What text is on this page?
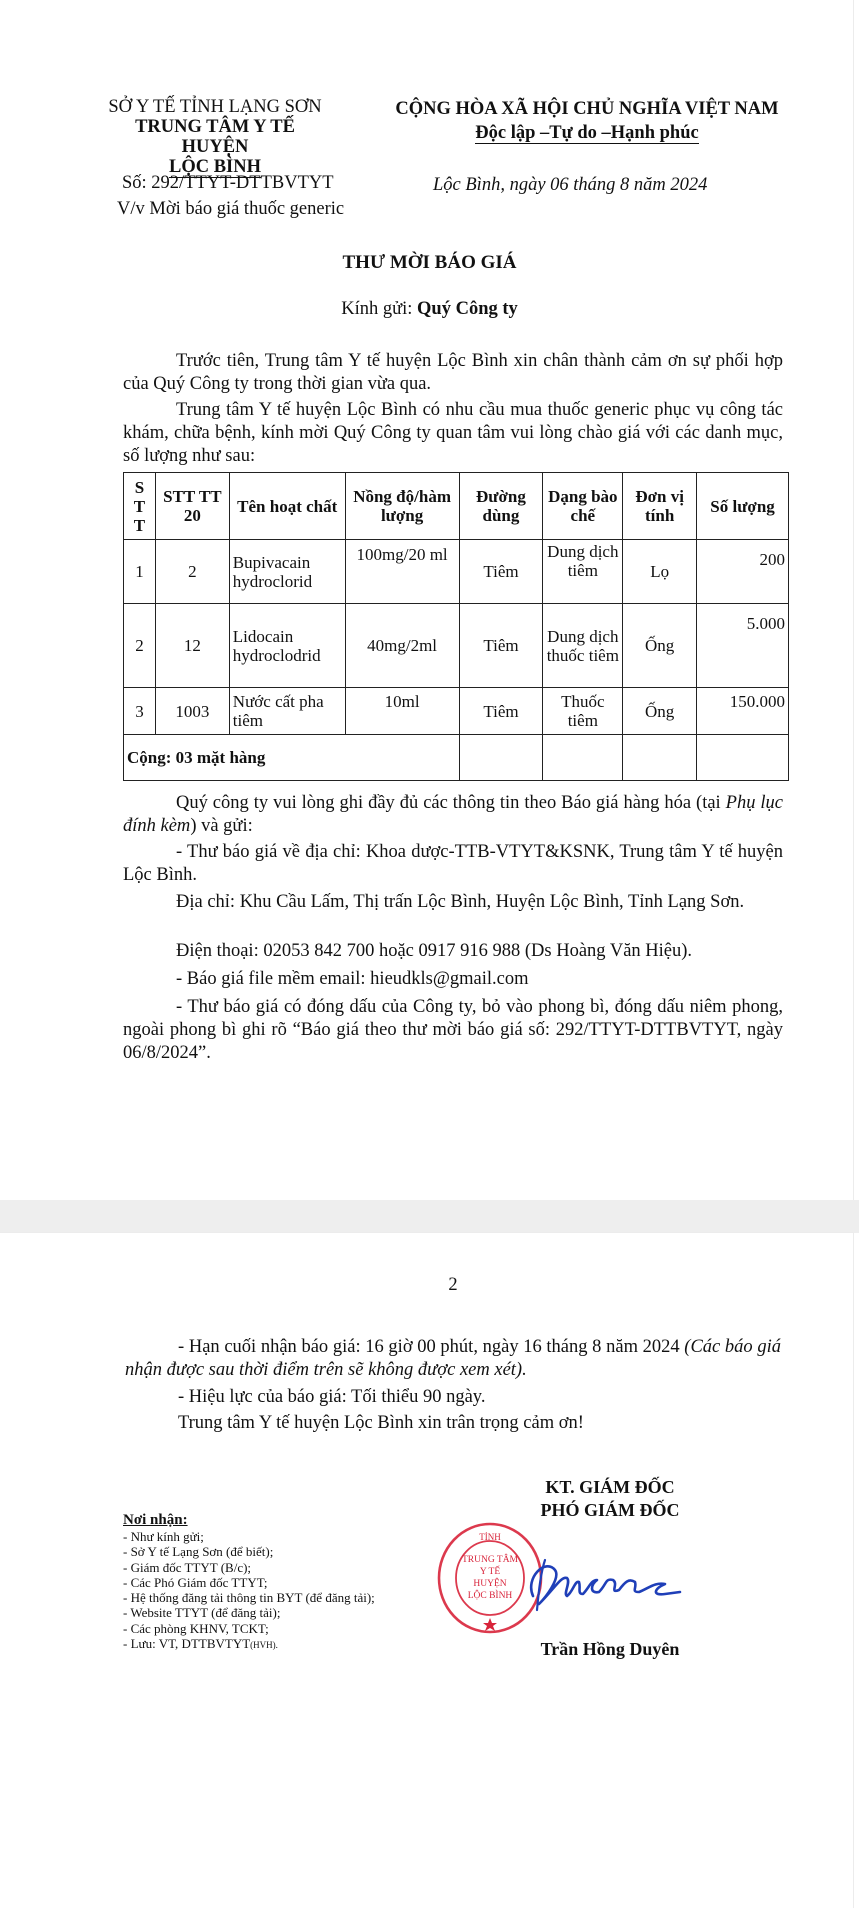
SỞ Y TẾ TỈNH LẠNG SƠN
TRUNG TÂM Y TẾ HUYỆN
LỘC BÌNH
Số: 292/TTYT-DTTBVTYT
V/v Mời báo giá thuốc generic
CỘNG HÒA XÃ HỘI CHỦ NGHĨA VIỆT NAM
Độc lập –Tự do –Hạnh phúc
Lộc Bình, ngày 06 tháng 8 năm 2024
THƯ MỜI BÁO GIÁ
Kính gửi: Quý Công ty
Trước tiên, Trung tâm Y tế huyện Lộc Bình xin chân thành cảm ơn sự phối hợp của Quý Công ty trong thời gian vừa qua.
Trung tâm Y tế huyện Lộc Bình có nhu cầu mua thuốc generic phục vụ công tác khám, chữa bệnh, kính mời Quý Công ty quan tâm vui lòng chào giá với các danh mục, số lượng như sau:
S T T	STT TT 20	Tên hoạt chất	Nồng độ/hàm lượng	Đường dùng	Dạng bào chế	Đơn vị tính	Số lượng
1	2	Bupivacain hydroclorid	100mg/20 ml	Tiêm	Dung dịch tiêm	Lọ	200
2	12	Lidocain hydroclodrid	40mg/2ml	Tiêm	Dung dịch thuốc tiêm	Ống	5.000
3	1003	Nước cất pha tiêm	10ml	Tiêm	Thuốc tiêm	Ống	150.000
Cộng: 03 mặt hàng							
Quý công ty vui lòng ghi đầy đủ các thông tin theo Báo giá hàng hóa (tại Phụ lục đính kèm) và gửi:
- Thư báo giá về địa chỉ: Khoa dược-TTB-VTYT&KSNK, Trung tâm Y tế huyện Lộc Bình.
Địa chỉ: Khu Cầu Lấm, Thị trấn Lộc Bình, Huyện Lộc Bình, Tỉnh Lạng Sơn.
Điện thoại: 02053 842 700 hoặc 0917 916 988 (Ds Hoàng Văn Hiệu).
- Báo giá file mềm email: hieudkls@gmail.com
- Thư báo giá có đóng dấu của Công ty, bỏ vào phong bì, đóng dấu niêm phong, ngoài phong bì ghi rõ “Báo giá theo thư mời báo giá số: 292/TTYT-DTTBVTYT, ngày 06/8/2024”.
2
- Hạn cuối nhận báo giá: 16 giờ 00 phút, ngày 16 tháng 8 năm 2024 (Các báo giá nhận được sau thời điểm trên sẽ không được xem xét).
- Hiệu lực của báo giá: Tối thiểu 90 ngày.
Trung tâm Y tế huyện Lộc Bình xin trân trọng cảm ơn!
Nơi nhận:
- Như kính gửi;
- Sở Y tế Lạng Sơn (để biết);
- Giám đốc TTYT (B/c);
- Các Phó Giám đốc TTYT;
- Hệ thống đăng tải thông tin BYT (để đăng tải);
- Website TTYT (để đăng tải);
- Các phòng KHNV, TCKT;
- Lưu: VT, DTTBVTYT(HVH).
KT. GIÁM ĐỐC
PHÓ GIÁM ĐỐC
TỈNH
TRUNG TÂM
Y TẾ
HUYỆN
LỘC BÌNH
Trần Hồng Duyên
